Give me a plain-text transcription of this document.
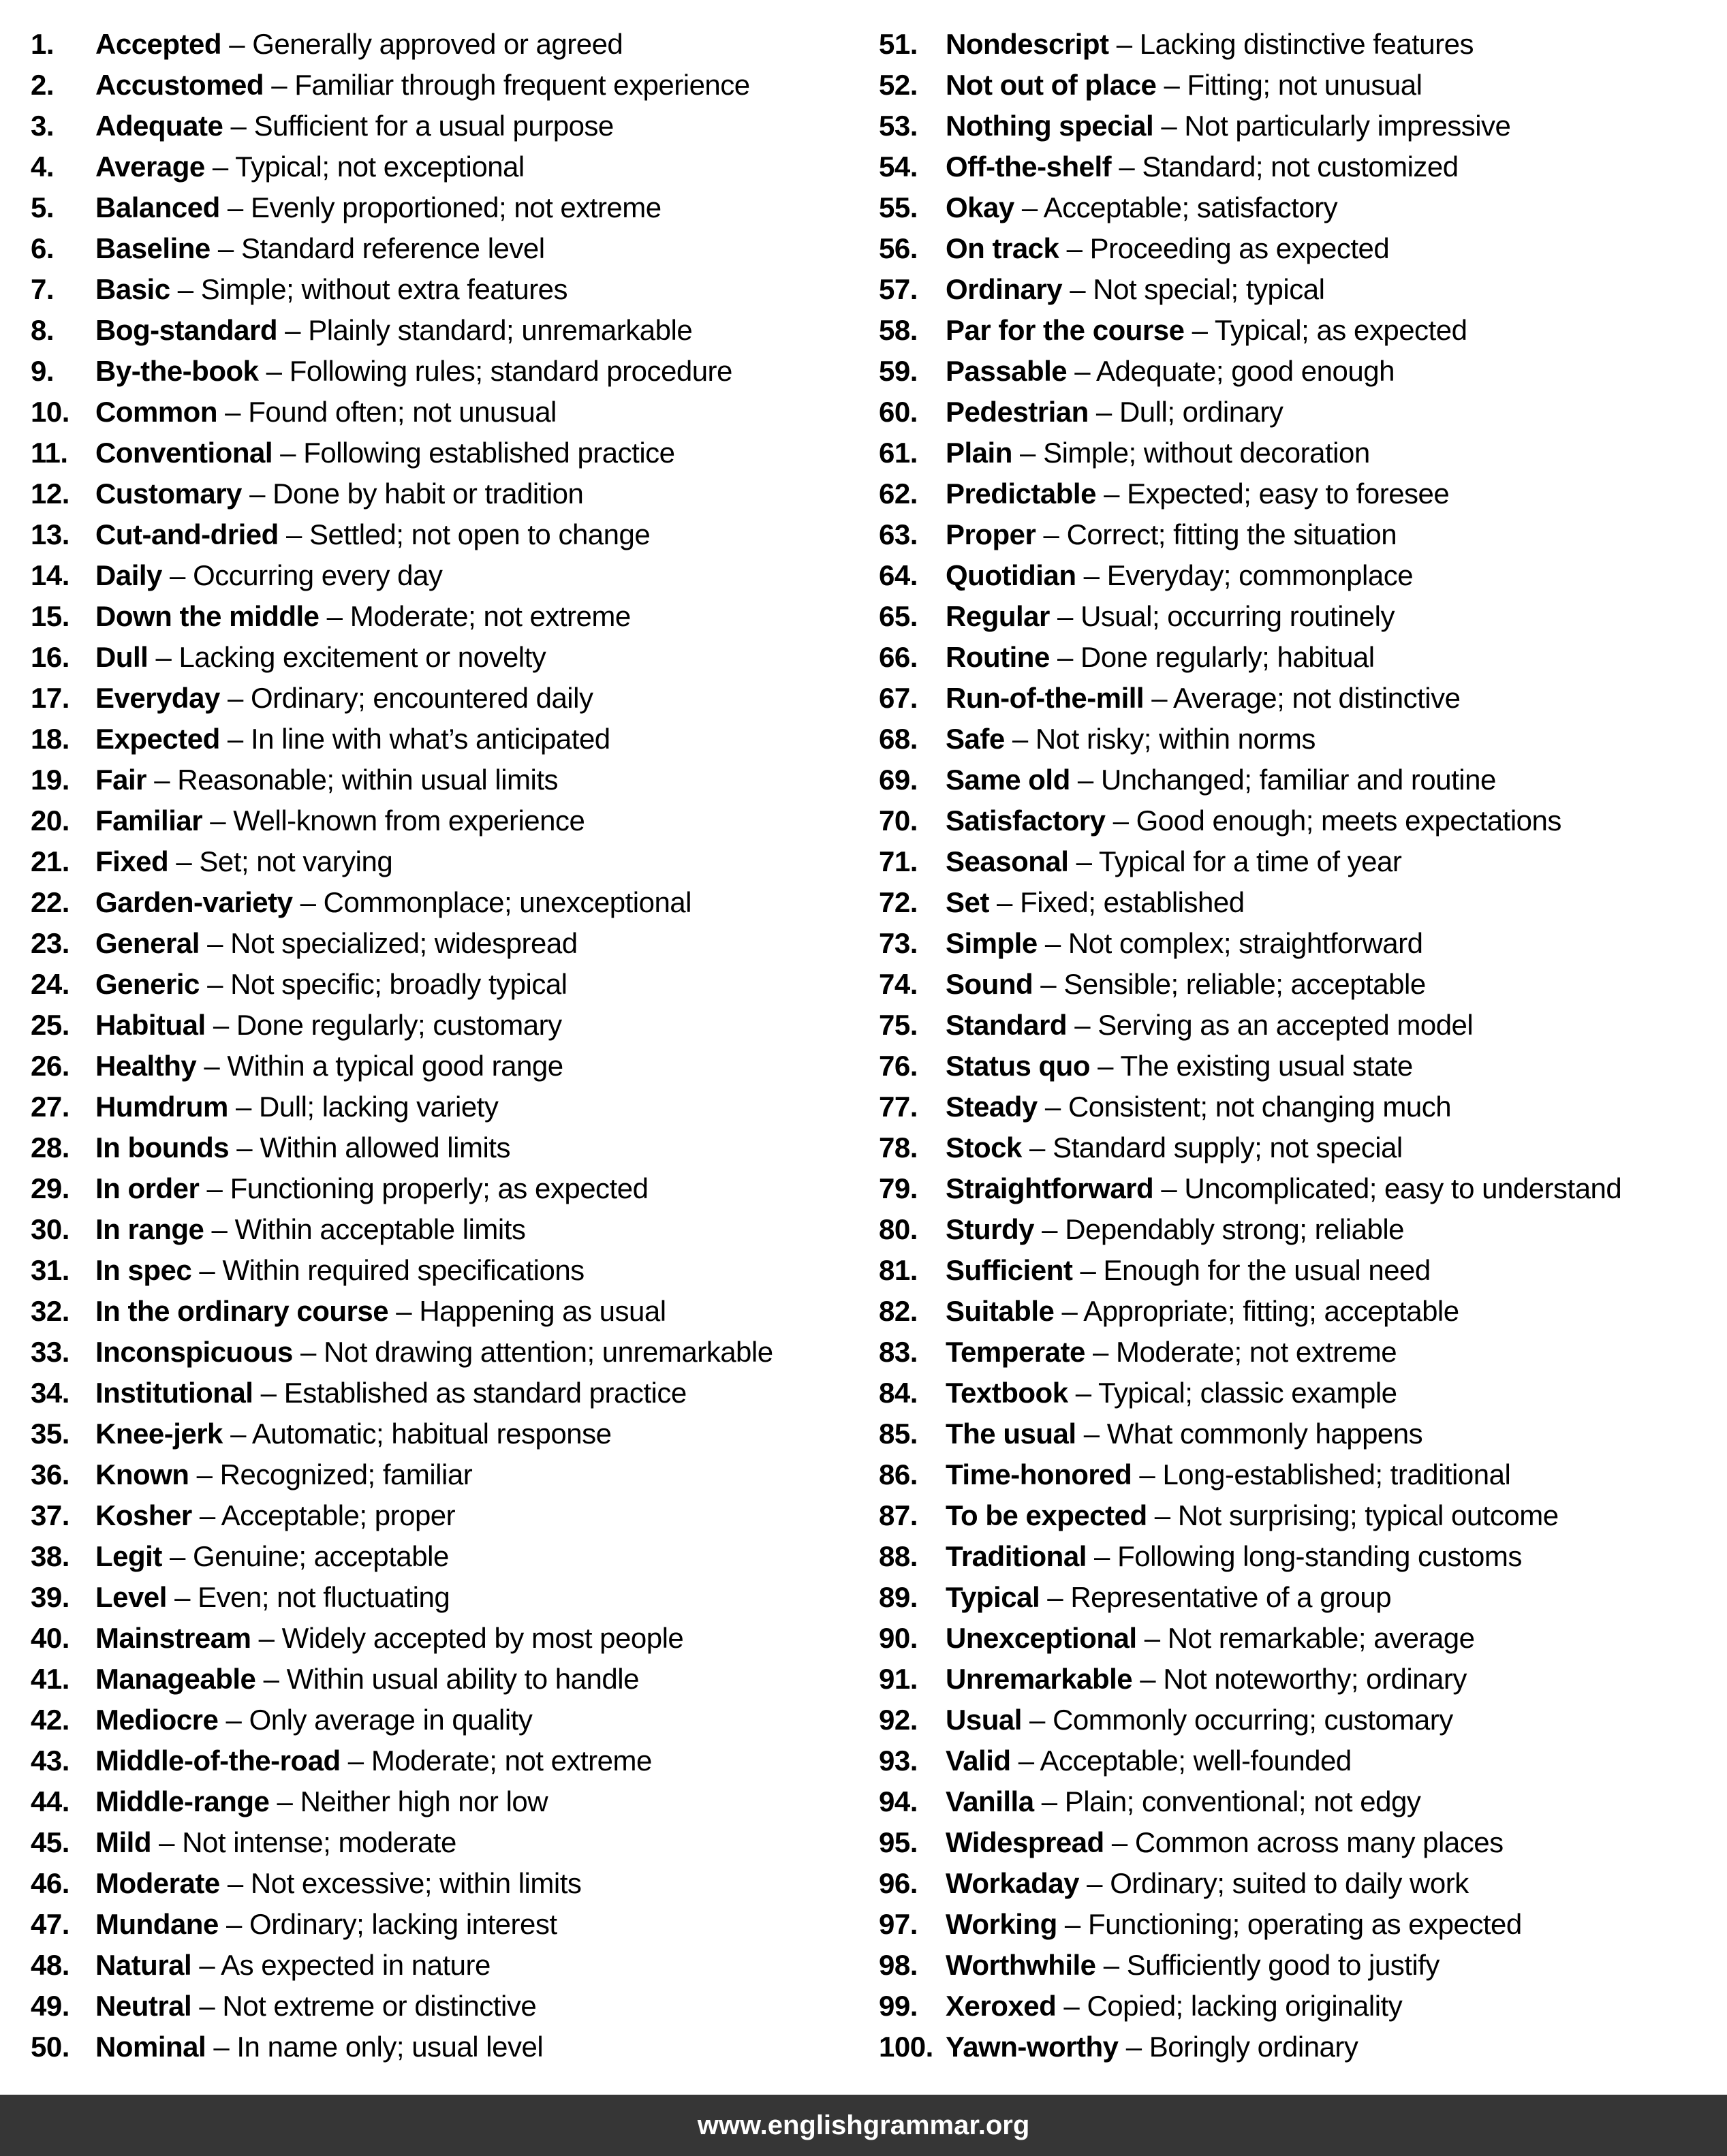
1.	Accepted – Generally approved or agreed
2.	Accustomed – Familiar through frequent experience
3.	Adequate – Sufficient for a usual purpose
4.	Average – Typical; not exceptional
5.	Balanced – Evenly proportioned; not extreme
6.	Baseline – Standard reference level
7.	Basic – Simple; without extra features
8.	Bog-standard – Plainly standard; unremarkable
9.	By-the-book – Following rules; standard procedure
10. Common – Found often; not unusual
11. Conventional – Following established practice
12. Customary – Done by habit or tradition
13. Cut-and-dried – Settled; not open to change
14. Daily – Occurring every day
15. Down the middle – Moderate; not extreme
16. Dull – Lacking excitement or novelty
17. Everyday – Ordinary; encountered daily
18. Expected – In line with what’s anticipated
19. Fair – Reasonable; within usual limits
20. Familiar – Well-known from experience
21. Fixed – Set; not varying
22. Garden-variety – Commonplace; unexceptional
23. General – Not specialized; widespread
24. Generic – Not specific; broadly typical
25. Habitual – Done regularly; customary
26. Healthy – Within a typical good range
27. Humdrum – Dull; lacking variety
28. In bounds – Within allowed limits
29. In order – Functioning properly; as expected
30. In range – Within acceptable limits
31. In spec – Within required specifications
32. In the ordinary course – Happening as usual
33. Inconspicuous – Not drawing attention; unremarkable
34. Institutional – Established as standard practice
35. Knee-jerk – Automatic; habitual response
36. Known – Recognized; familiar
37. Kosher – Acceptable; proper
38. Legit – Genuine; acceptable
39. Level – Even; not fluctuating
40. Mainstream – Widely accepted by most people
41. Manageable – Within usual ability to handle
42. Mediocre – Only average in quality
43. Middle-of-the-road – Moderate; not extreme
44. Middle-range – Neither high nor low
45. Mild – Not intense; moderate
46. Moderate – Not excessive; within limits
47. Mundane – Ordinary; lacking interest
48. Natural – As expected in nature
49. Neutral – Not extreme or distinctive
50. Nominal – In name only; usual level
51. Nondescript – Lacking distinctive features
52. Not out of place – Fitting; not unusual
53. Nothing special – Not particularly impressive
54. Off-the-shelf – Standard; not customized
55. Okay – Acceptable; satisfactory
56. On track – Proceeding as expected
57. Ordinary – Not special; typical
58. Par for the course – Typical; as expected
59. Passable – Adequate; good enough
60. Pedestrian – Dull; ordinary
61. Plain – Simple; without decoration
62. Predictable – Expected; easy to foresee
63. Proper – Correct; fitting the situation
64. Quotidian – Everyday; commonplace
65. Regular – Usual; occurring routinely
66. Routine – Done regularly; habitual
67. Run-of-the-mill – Average; not distinctive
68. Safe – Not risky; within norms
69. Same old – Unchanged; familiar and routine
70. Satisfactory – Good enough; meets expectations
71. Seasonal – Typical for a time of year
72. Set – Fixed; established
73. Simple – Not complex; straightforward
74. Sound – Sensible; reliable; acceptable
75. Standard – Serving as an accepted model
76. Status quo – The existing usual state
77. Steady – Consistent; not changing much
78. Stock – Standard supply; not special
79. Straightforward – Uncomplicated; easy to understand
80. Sturdy – Dependably strong; reliable
81. Sufficient – Enough for the usual need
82. Suitable – Appropriate; fitting; acceptable
83. Temperate – Moderate; not extreme
84. Textbook – Typical; classic example
85. The usual – What commonly happens
86. Time-honored – Long-established; traditional
87. To be expected – Not surprising; typical outcome
88. Traditional – Following long-standing customs
89. Typical – Representative of a group
90. Unexceptional – Not remarkable; average
91. Unremarkable – Not noteworthy; ordinary
92. Usual – Commonly occurring; customary
93. Valid – Acceptable; well-founded
94. Vanilla – Plain; conventional; not edgy
95. Widespread – Common across many places
96. Workaday – Ordinary; suited to daily work
97. Working – Functioning; operating as expected
98. Worthwhile – Sufficiently good to justify
99. Xeroxed – Copied; lacking originality
100. Yawn-worthy – Boringly ordinary
www.englishgrammar.org
